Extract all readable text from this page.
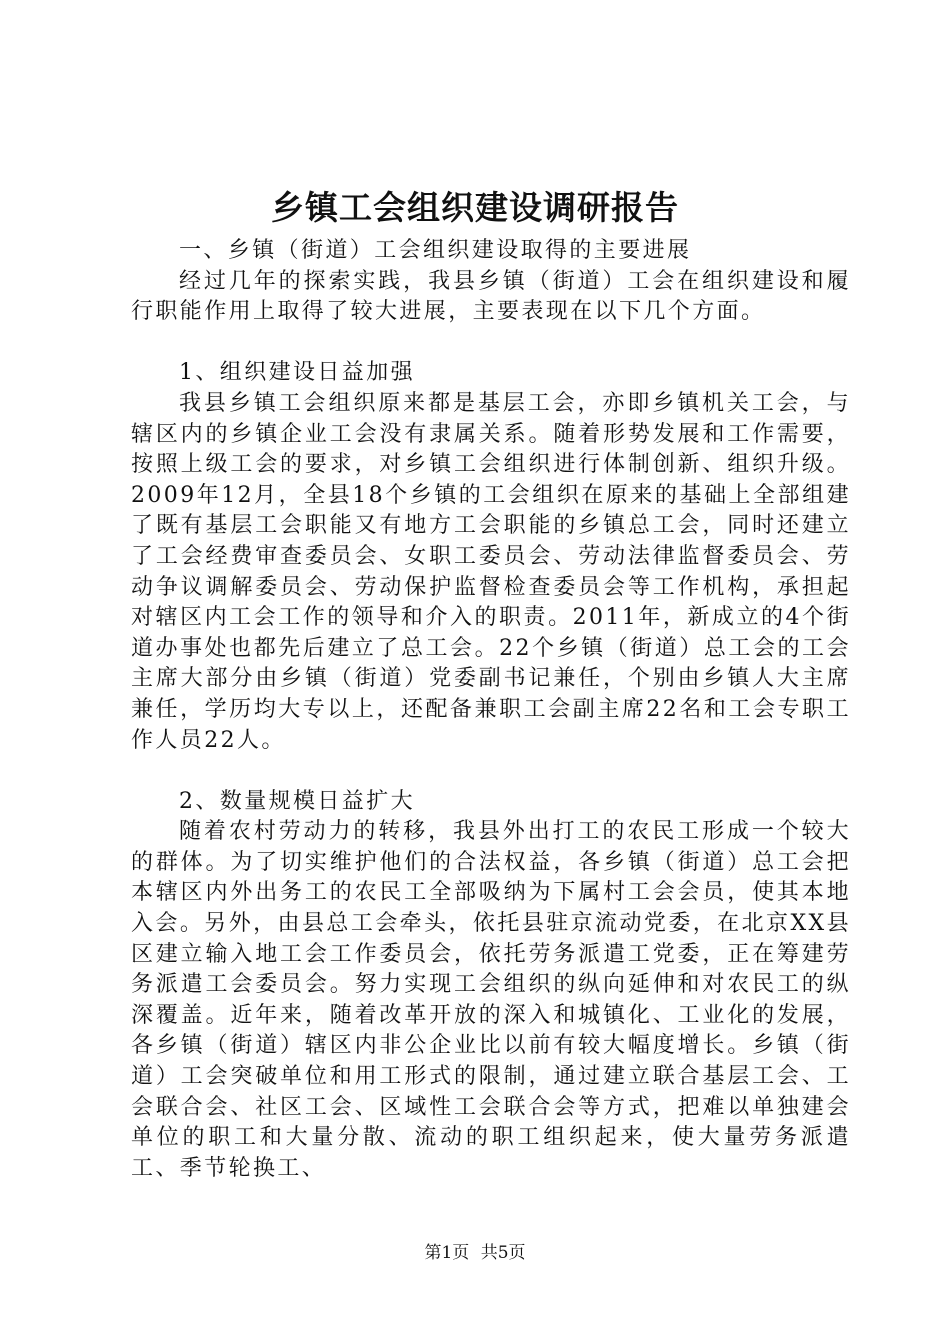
乡镇工会组织建设调研报告

一、乡镇（街道）工会组织建设取得的主要进展

经过几年的探索实践，我县乡镇（街道）工会在组织建设和履行职能作用上取得了较大进展，主要表现在以下几个方面。

1、组织建设日益加强

我县乡镇工会组织原来都是基层工会，亦即乡镇机关工会，与辖区内的乡镇企业工会没有隶属关系。随着形势发展和工作需要，按照上级工会的要求，对乡镇工会组织进行体制创新、组织升级。2009年12月，全县18个乡镇的工会组织在原来的基础上全部组建了既有基层工会职能又有地方工会职能的乡镇总工会，同时还建立了工会经费审查委员会、女职工委员会、劳动法律监督委员会、劳动争议调解委员会、劳动保护监督检查委员会等工作机构，承担起对辖区内工会工作的领导和介入的职责。2011年，新成立的4个街道办事处也都先后建立了总工会。22个乡镇（街道）总工会的工会主席大部分由乡镇（街道）党委副书记兼任，个别由乡镇人大主席兼任，学历均大专以上，还配备兼职工会副主席22名和工会专职工作人员22人。

2、数量规模日益扩大

随着农村劳动力的转移，我县外出打工的农民工形成一个较大的群体。为了切实维护他们的合法权益，各乡镇（街道）总工会把本辖区内外出务工的农民工全部吸纳为下属村工会会员，使其本地入会。另外，由县总工会牵头，依托县驻京流动党委，在北京XX县区建立输入地工会工作委员会，依托劳务派遣工党委，正在筹建劳务派遣工会委员会。努力实现工会组织的纵向延伸和对农民工的纵深覆盖。近年来，随着改革开放的深入和城镇化、工业化的发展，各乡镇（街道）辖区内非公企业比以前有较大幅度增长。乡镇（街道）工会突破单位和用工形式的限制，通过建立联合基层工会、工会联合会、社区工会、区域性工会联合会等方式，把难以单独建会单位的职工和大量分散、流动的职工组织起来，使大量劳务派遣工、季节轮换工、

第1页 共5页
